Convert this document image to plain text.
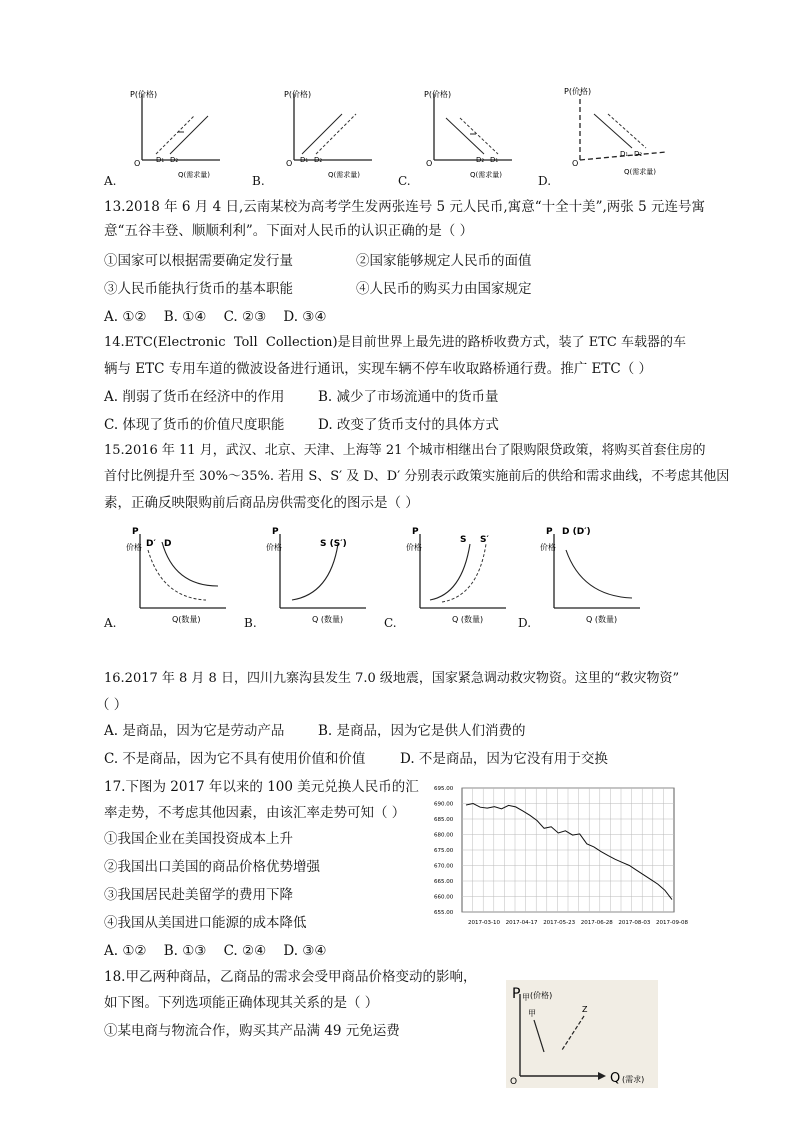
P(价格)
O D₁ D₂
Q(需求量)
A.
P(价格)
O D₁ D₂
Q(需求量)
B.
P(价格)
O	D₂ D₁
Q(需求量)
C.
P(价格)
O
D₁ D₂
Q(需求量)
D.
13.2018 年 6 月 4 日,云南某校为高考学生发两张连号 5 元人民币,寓意“十全十美”,两张 5 元连号寓
意“五谷丰登、顺顺利利”。下面对人民币的认识正确的是（ ）
①国家可以根据需要确定发行量	②国家能够规定人民币的面值
③人民币能执行货币的基本职能	④人民币的购买力由国家规定
A. ①②    B. ①④    C. ②③    D. ③④
14.ETC(Electronic  Toll  Collection)是目前世界上最先进的路桥收费方式，装了 ETC 车载器的车
辆与 ETC 专用车道的微波设备进行通讯，实现车辆不停车收取路桥通行费。推广 ETC（ ）
A. 削弱了货币在经济中的作用 B. 减少了市场流通中的货币量
C. 体现了货币的价值尺度职能 D. 改变了货币支付的具体方式
15.2016 年 11 月，武汉、北京、天津、上海等 21 个城市相继出台了限购限贷政策，将购买首套住房的
首付比例提升至 30%～35%. 若用 S、S′ 及 D、D′ 分别表示政策实施前后的供给和需求曲线，不考虑其他因
素，正确反映限购前后商品房供需变化的图示是（ ）
P
价格 D′ D
Q(数量)
A.
P
价格	S (S′)
Q (数量)
B.
P
价格
S S′
Q (数量)
C.
P
价格
D (D′)
Q (数量)
D.
16.2017 年 8 月 8 日，四川九寨沟县发生 7.0 级地震，国家紧急调动救灾物资。这里的“救灾物资”
（ ）
A. 是商品，因为它是劳动产品 B. 是商品，因为它是供人们消费的
C. 不是商品，因为它不具有使用价值和价值	D. 不是商品，因为它没有用于交换
17.下图为 2017 年以来的 100 美元兑换人民币的汇
率走势，不考虑其他因素，由该汇率走势可知（ ）
①我国企业在美国投资成本上升
②我国出口美国的商品价格优势增强
③我国居民赴美留学的费用下降
④我国从美国进口能源的成本降低
A. ①②    B. ①③    C. ②④    D. ③④
695.00
690.00
685.00
680.00
675.00
670.00
665.00
660.00
655.00
2017-03-10 2017-04-17 2017-05-23 2017-06-28 2017-08-03 2017-09-08
18.甲乙两种商品，乙商品的需求会受甲商品价格变动的影响，
如下图。下列选项能正确体现其关系的是（ ）
①某电商与物流合作，购买其产品满 49 元免运费
P 甲 (价格)
甲	Z
O	Q (需求)
